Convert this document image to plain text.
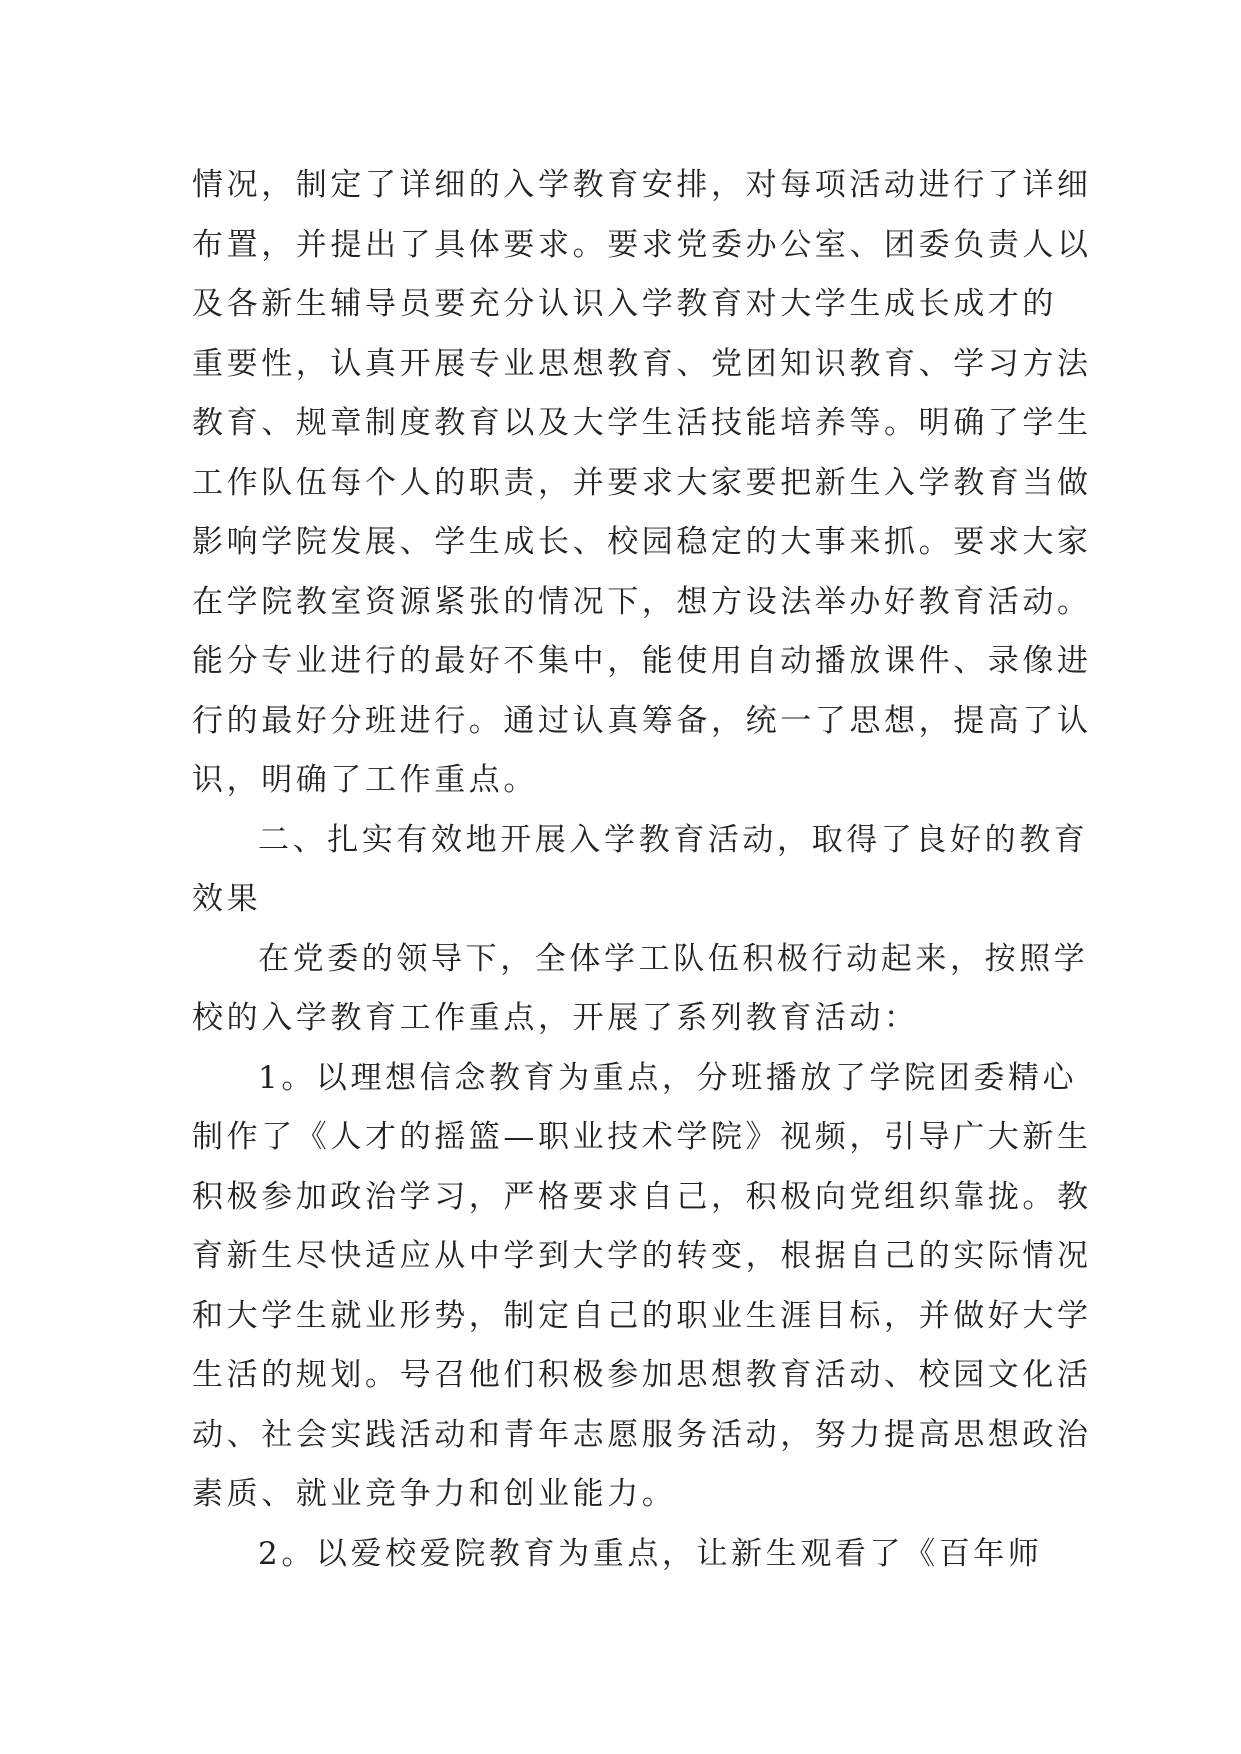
情况，制定了详细的入学教育安排，对每项活动进行了详细
布置，并提出了具体要求。要求党委办公室、团委负责人以
及各新生辅导员要充分认识入学教育对大学生成长成才的
重要性，认真开展专业思想教育、党团知识教育、学习方法
教育、规章制度教育以及大学生活技能培养等。明确了学生
工作队伍每个人的职责，并要求大家要把新生入学教育当做
影响学院发展、学生成长、校园稳定的大事来抓。要求大家
在学院教室资源紧张的情况下，想方设法举办好教育活动。
能分专业进行的最好不集中，能使用自动播放课件、录像进
行的最好分班进行。通过认真筹备，统一了思想，提高了认
识，明确了工作重点。
二、扎实有效地开展入学教育活动，取得了良好的教育
效果
在党委的领导下，全体学工队伍积极行动起来，按照学
校的入学教育工作重点，开展了系列教育活动：
1。以理想信念教育为重点，分班播放了学院团委精心
制作了《人才的摇篮—职业技术学院》视频，引导广大新生
积极参加政治学习，严格要求自己，积极向党组织靠拢。教
育新生尽快适应从中学到大学的转变，根据自己的实际情况
和大学生就业形势，制定自己的职业生涯目标，并做好大学
生活的规划。号召他们积极参加思想教育活动、校园文化活
动、社会实践活动和青年志愿服务活动，努力提高思想政治
素质、就业竞争力和创业能力。
2。以爱校爱院教育为重点，让新生观看了《百年师
